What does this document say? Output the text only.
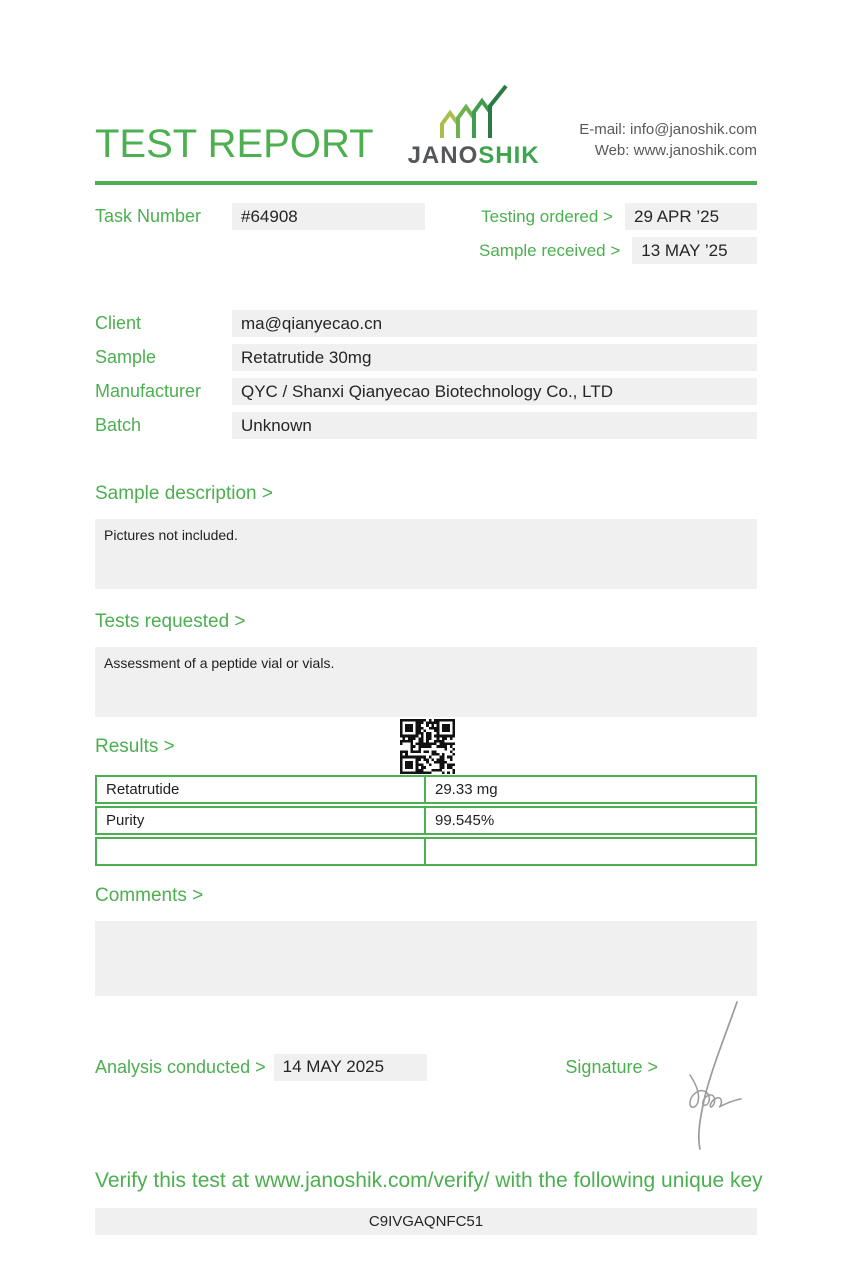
TEST REPORT JANOSHIK
E-mail: info@janoshik.com
Web: www.janoshik.com
Task Number	#64908	Testing ordered >	29 APR ’25
Sample received >	13 MAY ’25
Client	ma@qianyecao.cn
Sample	Retatrutide 30mg
Manufacturer	QYC / Shanxi Qianyecao Biotechnology Co., LTD
Batch	Unknown
Sample description >
Pictures not included.
Tests requested >
Assessment of a peptide vial or vials.
Results >
Retatrutide	29.33 mg
Purity	99.545%
Comments >
Analysis conducted >	14 MAY 2025	Signature >
Verify this test at www.janoshik.com/verify/ with the following unique key
C9IVGAQNFC51
